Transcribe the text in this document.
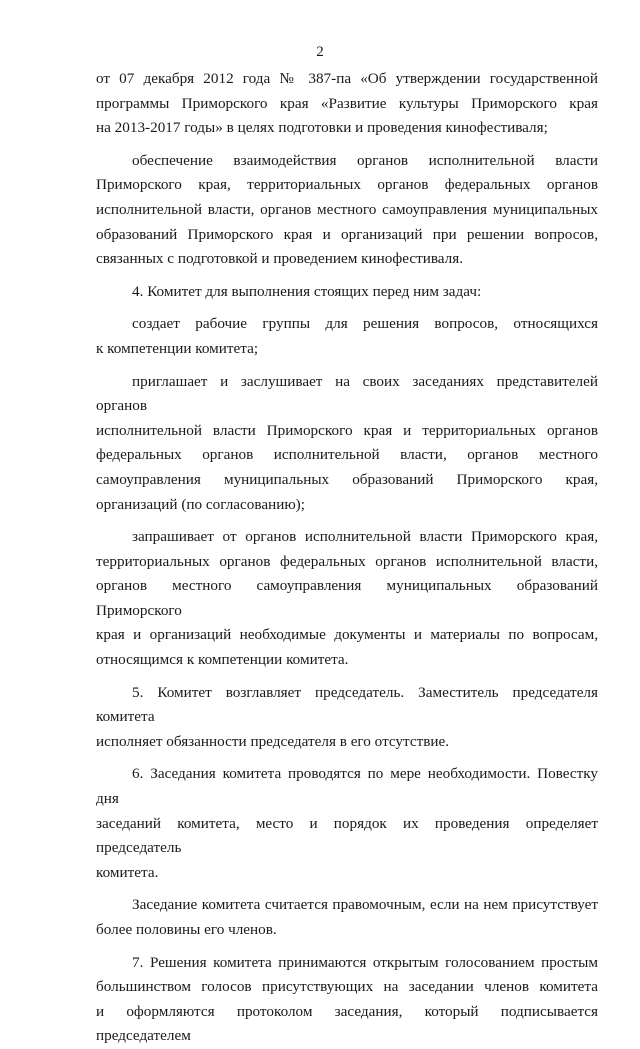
2

от 07 декабря 2012 года № 387-па «Об утверждении государственной

программы Приморского края «Развитие культуры Приморского края

на 2013-2017 годы» в целях подготовки и проведения кинофестиваля;

обеспечение взаимодействия органов исполнительной власти

Приморского края, территориальных органов федеральных органов

исполнительной власти, органов местного самоуправления муниципальных

образований Приморского края и организаций при решении вопросов,

связанных с подготовкой и проведением кинофестиваля.

4. Комитет для выполнения стоящих перед ним задач:

создает рабочие группы для решения вопросов, относящихся

к компетенции комитета;

приглашает и заслушивает на своих заседаниях представителей органов

исполнительной власти Приморского края и территориальных органов

федеральных органов исполнительной власти, органов местного

самоуправления муниципальных образований Приморского края,

организаций (по согласованию);

запрашивает от органов исполнительной власти Приморского края,

территориальных органов федеральных органов исполнительной власти,

органов местного самоуправления муниципальных образований Приморского

края и организаций необходимые документы и материалы по вопросам,

относящимся к компетенции комитета.

5. Комитет возглавляет председатель. Заместитель председателя комитета

исполняет обязанности председателя в его отсутствие.

6. Заседания комитета проводятся по мере необходимости. Повестку дня

заседаний комитета, место и порядок их проведения определяет председатель

комитета.

Заседание комитета считается правомочным, если на нем присутствует

более половины его членов.

7. Решения комитета принимаются открытым голосованием простым

большинством голосов присутствующих на заседании членов комитета

и оформляются протоколом заседания, который подписывается председателем
